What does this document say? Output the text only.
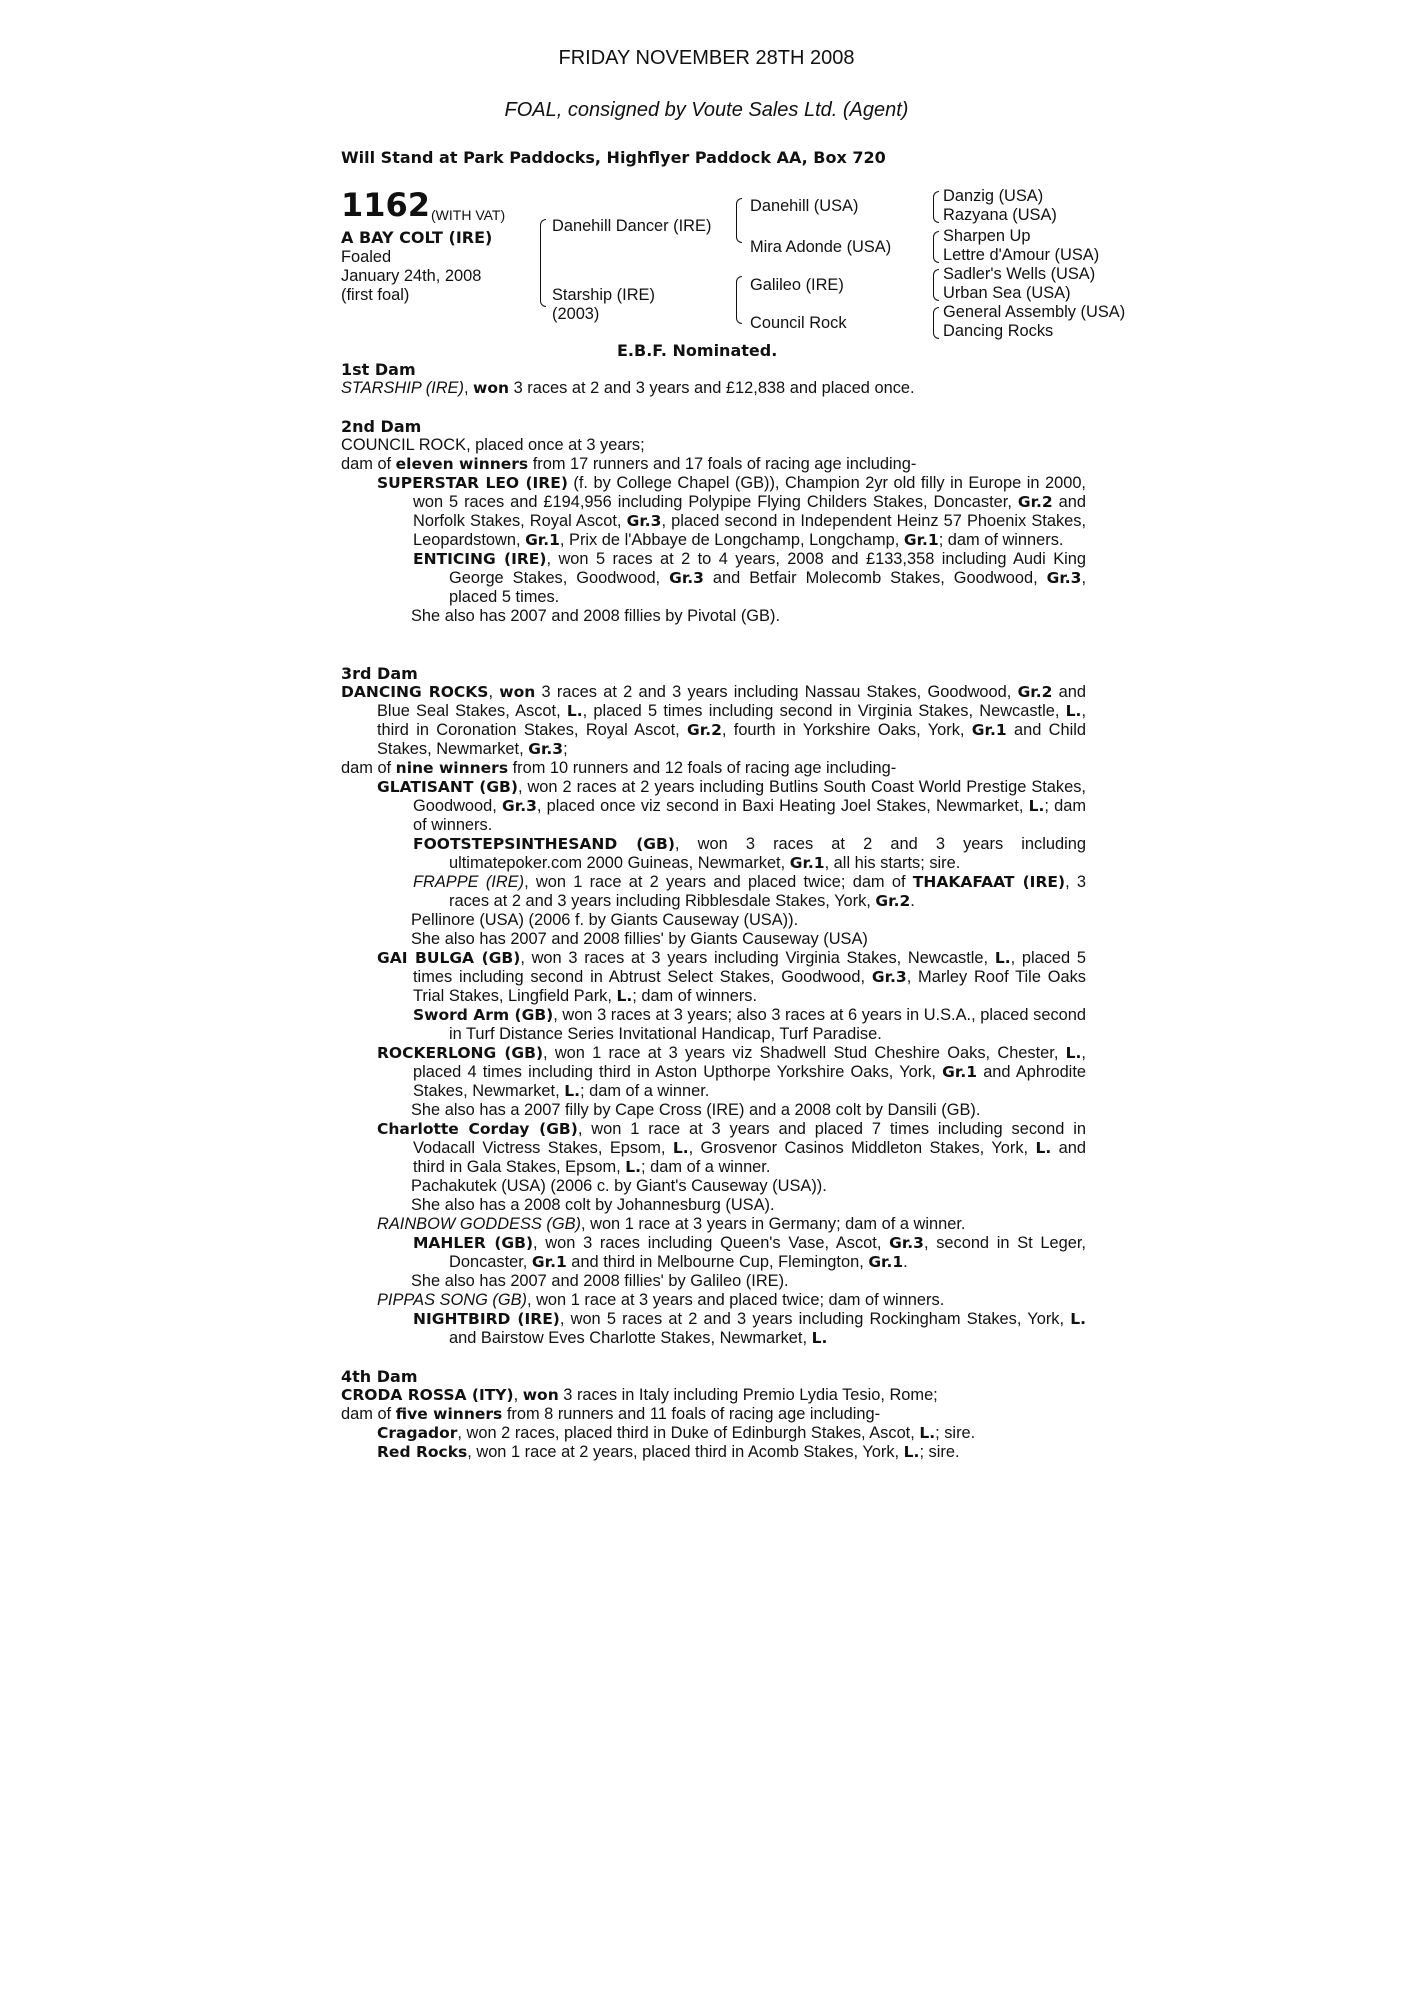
FRIDAY NOVEMBER 28TH 2008
FOAL, consigned by Voute Sales Ltd. (Agent)
Will Stand at Park Paddocks, Highflyer Paddock AA, Box 720
1162 (WITH VAT)
A BAY COLT (IRE)
Foaled
January 24th, 2008
(first foal)
Danehill Dancer (IRE)
Starship (IRE)
(2003)
Danehill (USA)
Mira Adonde (USA)
Galileo (IRE)
Council Rock
Danzig (USA)
Razyana (USA)
Sharpen Up
Lettre d'Amour (USA)
Sadler's Wells (USA)
Urban Sea (USA)
General Assembly (USA)
Dancing Rocks
E.B.F. Nominated.
1st Dam
STARSHIP (IRE), won 3 races at 2 and 3 years and £12,838 and placed once.
2nd Dam
COUNCIL ROCK, placed once at 3 years;
dam of eleven winners from 17 runners and 17 foals of racing age including-
SUPERSTAR LEO (IRE) (f. by College Chapel (GB)), Champion 2yr old filly in Europe in 2000, won 5 races and £194,956 including Polypipe Flying Childers Stakes, Doncaster, Gr.2 and Norfolk Stakes, Royal Ascot, Gr.3, placed second in Independent Heinz 57 Phoenix Stakes, Leopardstown, Gr.1, Prix de l'Abbaye de Longchamp, Longchamp, Gr.1; dam of winners.
ENTICING (IRE), won 5 races at 2 to 4 years, 2008 and £133,358 including Audi King George Stakes, Goodwood, Gr.3 and Betfair Molecomb Stakes, Goodwood, Gr.3, placed 5 times.
She also has 2007 and 2008 fillies by Pivotal (GB).
3rd Dam
DANCING ROCKS, won 3 races at 2 and 3 years including Nassau Stakes, Goodwood, Gr.2 and Blue Seal Stakes, Ascot, L., placed 5 times including second in Virginia Stakes, Newcastle, L., third in Coronation Stakes, Royal Ascot, Gr.2, fourth in Yorkshire Oaks, York, Gr.1 and Child Stakes, Newmarket, Gr.3;
dam of nine winners from 10 runners and 12 foals of racing age including-
GLATISANT (GB), won 2 races at 2 years including Butlins South Coast World Prestige Stakes, Goodwood, Gr.3, placed once viz second in Baxi Heating Joel Stakes, Newmarket, L.; dam of winners.
FOOTSTEPSINTHESAND (GB), won 3 races at 2 and 3 years including ultimatepoker.com 2000 Guineas, Newmarket, Gr.1, all his starts; sire.
FRAPPE (IRE), won 1 race at 2 years and placed twice; dam of THAKAFAAT (IRE), 3 races at 2 and 3 years including Ribblesdale Stakes, York, Gr.2.
Pellinore (USA) (2006 f. by Giants Causeway (USA)).
She also has 2007 and 2008 fillies' by Giants Causeway (USA)
GAI BULGA (GB), won 3 races at 3 years including Virginia Stakes, Newcastle, L., placed 5 times including second in Abtrust Select Stakes, Goodwood, Gr.3, Marley Roof Tile Oaks Trial Stakes, Lingfield Park, L.; dam of winners.
Sword Arm (GB), won 3 races at 3 years; also 3 races at 6 years in U.S.A., placed second in Turf Distance Series Invitational Handicap, Turf Paradise.
ROCKERLONG (GB), won 1 race at 3 years viz Shadwell Stud Cheshire Oaks, Chester, L., placed 4 times including third in Aston Upthorpe Yorkshire Oaks, York, Gr.1 and Aphrodite Stakes, Newmarket, L.; dam of a winner.
She also has a 2007 filly by Cape Cross (IRE) and a 2008 colt by Dansili (GB).
Charlotte Corday (GB), won 1 race at 3 years and placed 7 times including second in Vodacall Victress Stakes, Epsom, L., Grosvenor Casinos Middleton Stakes, York, L. and third in Gala Stakes, Epsom, L.; dam of a winner.
Pachakutek (USA) (2006 c. by Giant's Causeway (USA)).
She also has a 2008 colt by Johannesburg (USA).
RAINBOW GODDESS (GB), won 1 race at 3 years in Germany; dam of a winner.
MAHLER (GB), won 3 races including Queen's Vase, Ascot, Gr.3, second in St Leger, Doncaster, Gr.1 and third in Melbourne Cup, Flemington, Gr.1.
She also has 2007 and 2008 fillies' by Galileo (IRE).
PIPPAS SONG (GB), won 1 race at 3 years and placed twice; dam of winners.
NIGHTBIRD (IRE), won 5 races at 2 and 3 years including Rockingham Stakes, York, L. and Bairstow Eves Charlotte Stakes, Newmarket, L.
4th Dam
CRODA ROSSA (ITY), won 3 races in Italy including Premio Lydia Tesio, Rome;
dam of five winners from 8 runners and 11 foals of racing age including-
Cragador, won 2 races, placed third in Duke of Edinburgh Stakes, Ascot, L.; sire.
Red Rocks, won 1 race at 2 years, placed third in Acomb Stakes, York, L.; sire.
